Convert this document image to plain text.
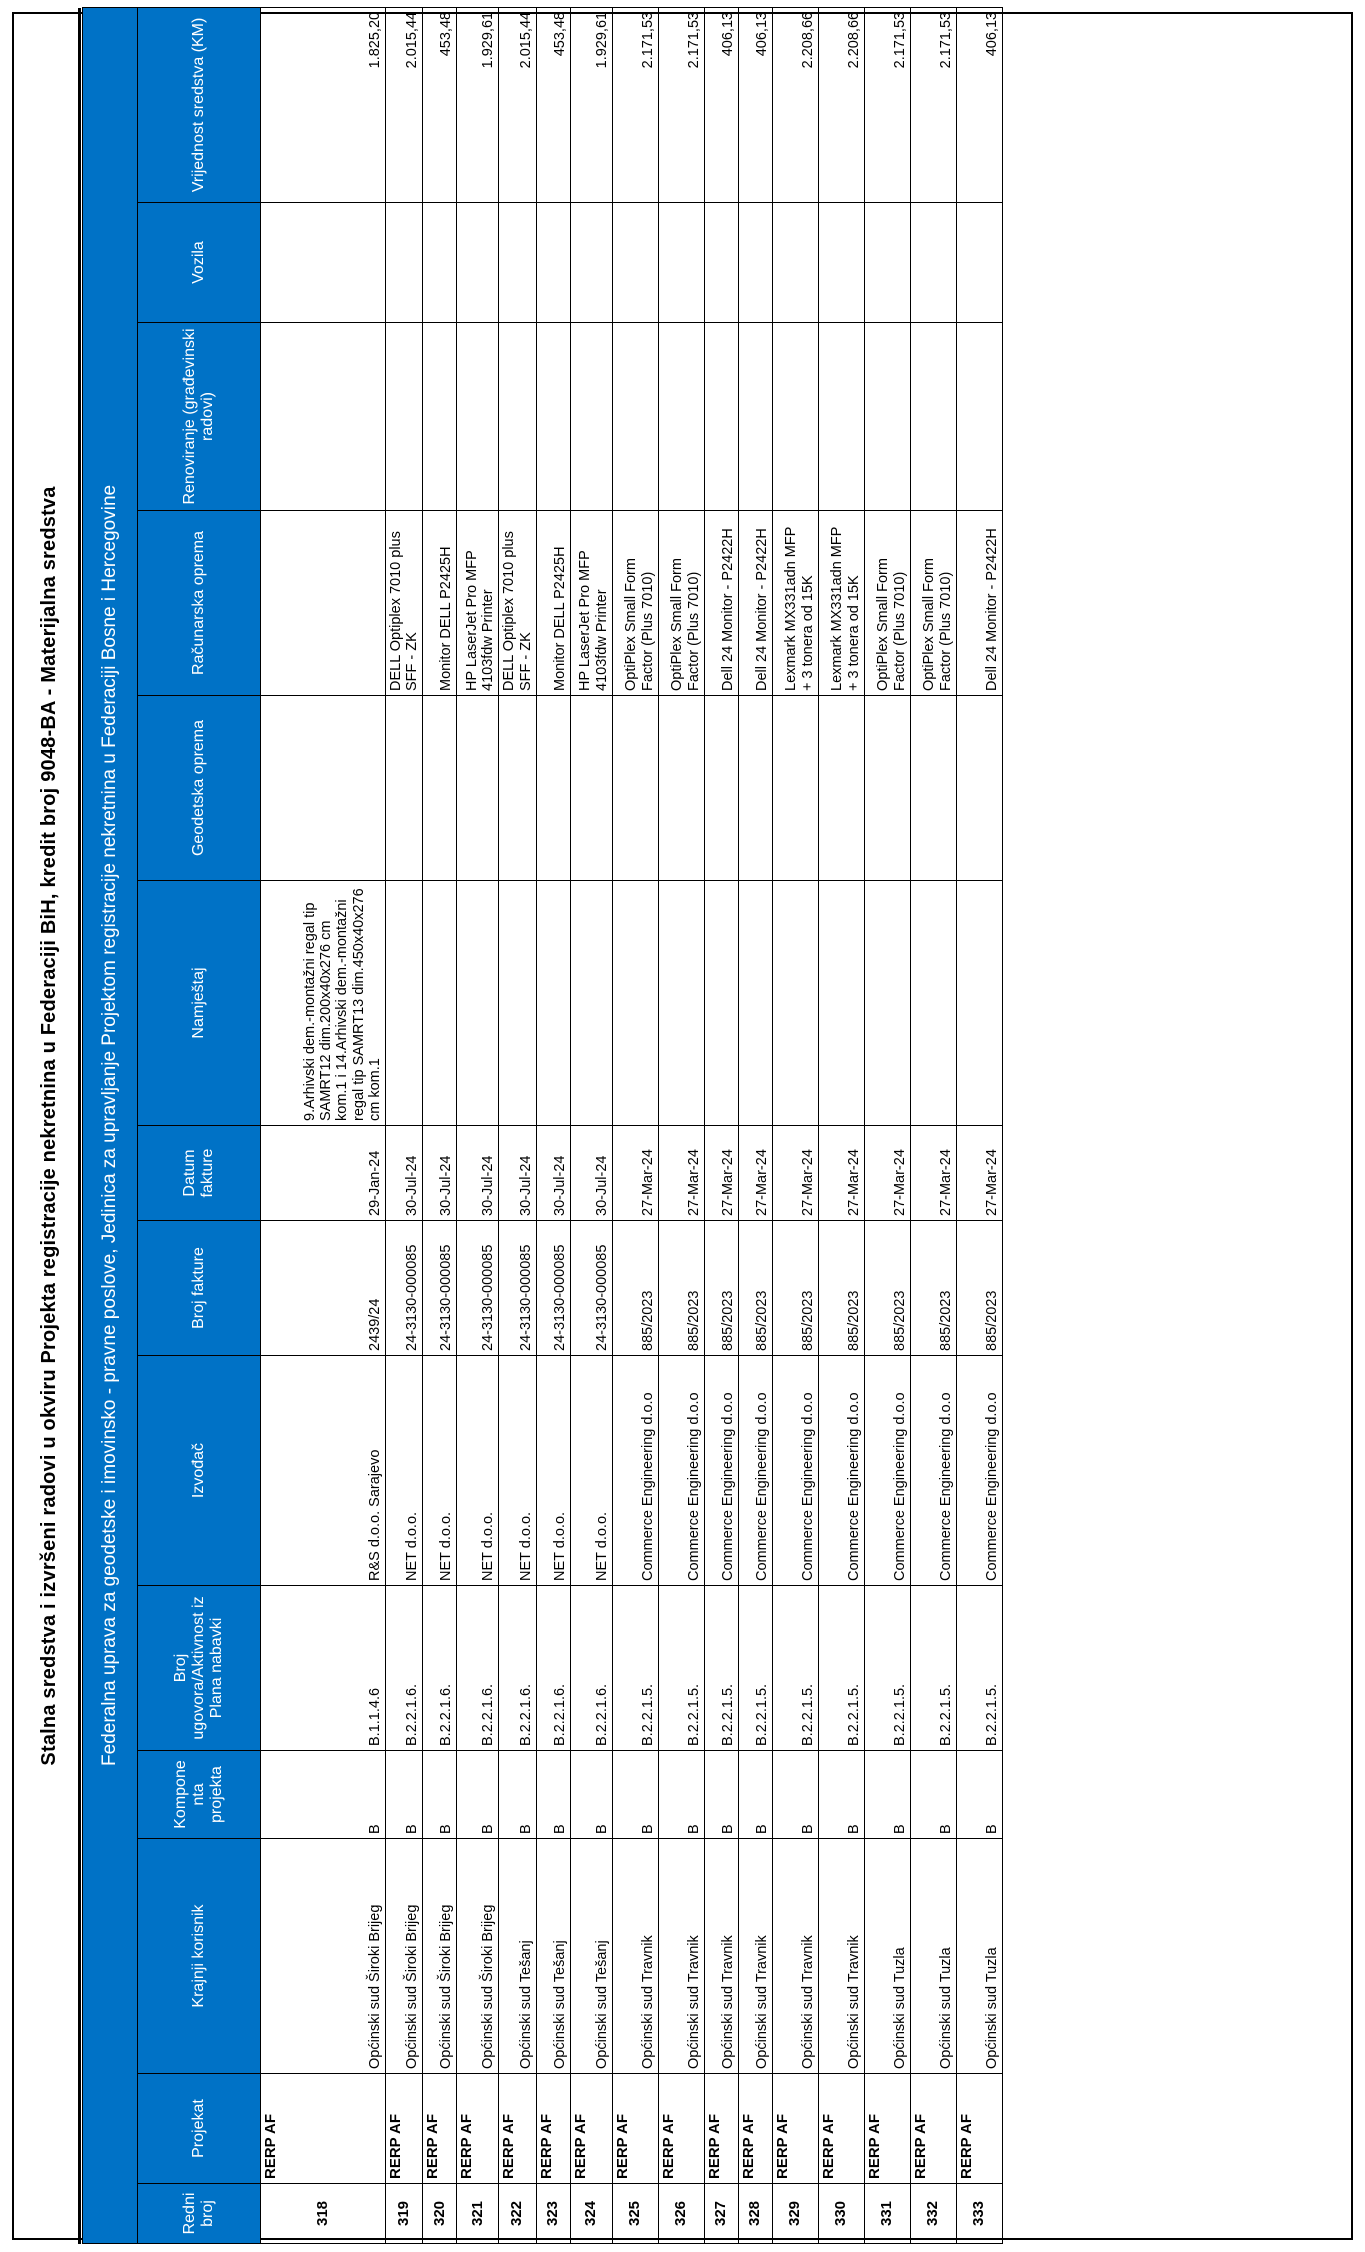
Stalna sredstva i izvršeni radovi u okviru Projekta registracije nekretnina u Federaciji BiH, kredit broj 9048-BA - Materijalna sredstva Federalna uprava za geodetske i imovinsko - pravne poslove, Jedinica za upravljanje Projektom registracije nekretnina u Federaciji Bosne i Hercegovine													
Redni broj	Projekat	Krajnji korisnik	Kompone nta projekta	Broj ugovora/Aktivnost iz Plana nabavki	Izvođač	Broj fakture	Datum fakture	Namještaj	Geodetska oprema	Računarska oprema	Renoviranje (građevinski radovi)	Vozila	Vrijednost sredstva (KM)
318	RERP AF	Općinski sud Široki Brijeg	B	B.1.1.4.6	R&S d.o.o. Sarajevo	2439/24	29-Jan-24	9.Arhivski dem.-montažni regal tip SAMRT12 dim.200x40x276 cm kom.1 i 14.Arhivski dem.-montažni regal tip SAMRT13 dim.450x40x276 cm kom.1					1.825,20
319	RERP AF	Općinski sud Široki Brijeg	B	B.2.2.1.6.	NET d.o.o.	24-3130-000085	30-Jul-24			DELL Optiplex 7010 plus SFF - ZK			2.015,44
320	RERP AF	Općinski sud Široki Brijeg	B	B.2.2.1.6.	NET d.o.o.	24-3130-000085	30-Jul-24			Monitor DELL P2425H			453,48
321	RERP AF	Općinski sud Široki Brijeg	B	B.2.2.1.6.	NET d.o.o.	24-3130-000085	30-Jul-24			HP LaserJet Pro MFP 4103fdw Printer			1.929,61
322	RERP AF	Općinski sud Tešanj	B	B.2.2.1.6.	NET d.o.o.	24-3130-000085	30-Jul-24			DELL Optiplex 7010 plus SFF - ZK			2.015,44
323	RERP AF	Općinski sud Tešanj	B	B.2.2.1.6.	NET d.o.o.	24-3130-000085	30-Jul-24			Monitor DELL P2425H			453,48
324	RERP AF	Općinski sud Tešanj	B	B.2.2.1.6.	NET d.o.o.	24-3130-000085	30-Jul-24			HP LaserJet Pro MFP 4103fdw Printer			1.929,61
325	RERP AF	Općinski sud Travnik	B	B.2.2.1.5.	Commerce Engineering d.o.o	885/2023	27-Mar-24			OptiPlex Small Form Factor (Plus 7010)			2.171,53
326	RERP AF	Općinski sud Travnik	B	B.2.2.1.5.	Commerce Engineering d.o.o	885/2023	27-Mar-24			OptiPlex Small Form Factor (Plus 7010)			2.171,53
327	RERP AF	Općinski sud Travnik	B	B.2.2.1.5.	Commerce Engineering d.o.o	885/2023	27-Mar-24			Dell 24 Monitor - P2422H			406,13
328	RERP AF	Općinski sud Travnik	B	B.2.2.1.5.	Commerce Engineering d.o.o	885/2023	27-Mar-24			Dell 24 Monitor - P2422H			406,13
329	RERP AF	Općinski sud Travnik	B	B.2.2.1.5.	Commerce Engineering d.o.o	885/2023	27-Mar-24			Lexmark MX331adn MFP + 3 tonera od 15K			2.208,66
330	RERP AF	Općinski sud Travnik	B	B.2.2.1.5.	Commerce Engineering d.o.o	885/2023	27-Mar-24			Lexmark MX331adn MFP + 3 tonera od 15K			2.208,66
331	RERP AF	Općinski sud Tuzla	B	B.2.2.1.5.	Commerce Engineering d.o.o	885/2023	27-Mar-24			OptiPlex Small Form Factor (Plus 7010)			2.171,53
332	RERP AF	Općinski sud Tuzla	B	B.2.2.1.5.	Commerce Engineering d.o.o	885/2023	27-Mar-24			OptiPlex Small Form Factor (Plus 7010)			2.171,53
333	RERP AF	Općinski sud Tuzla	B	B.2.2.1.5.	Commerce Engineering d.o.o	885/2023	27-Mar-24			Dell 24 Monitor - P2422H			406,13
